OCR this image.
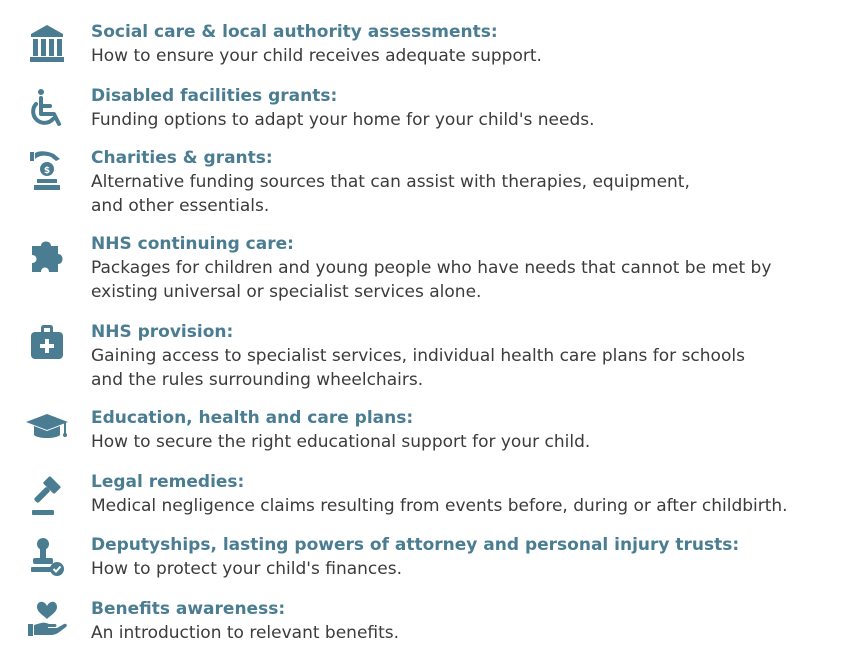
Social care & local authority assessments:
How to ensure your child receives adequate support.
Disabled facilities grants:
Funding options to adapt your home for your child's needs.
$
Charities & grants:
Alternative funding sources that can assist with therapies, equipment,
and other essentials.
NHS continuing care:
Packages for children and young people who have needs that cannot be met by
existing universal or specialist services alone.
NHS provision:
Gaining access to specialist services, individual health care plans for schools
and the rules surrounding wheelchairs.
Education, health and care plans:
How to secure the right educational support for your child.
Legal remedies:
Medical negligence claims resulting from events before, during or after childbirth.
Deputyships, lasting powers of attorney and personal injury trusts:
How to protect your child's finances.
Benefits awareness:
An introduction to relevant benefits.
